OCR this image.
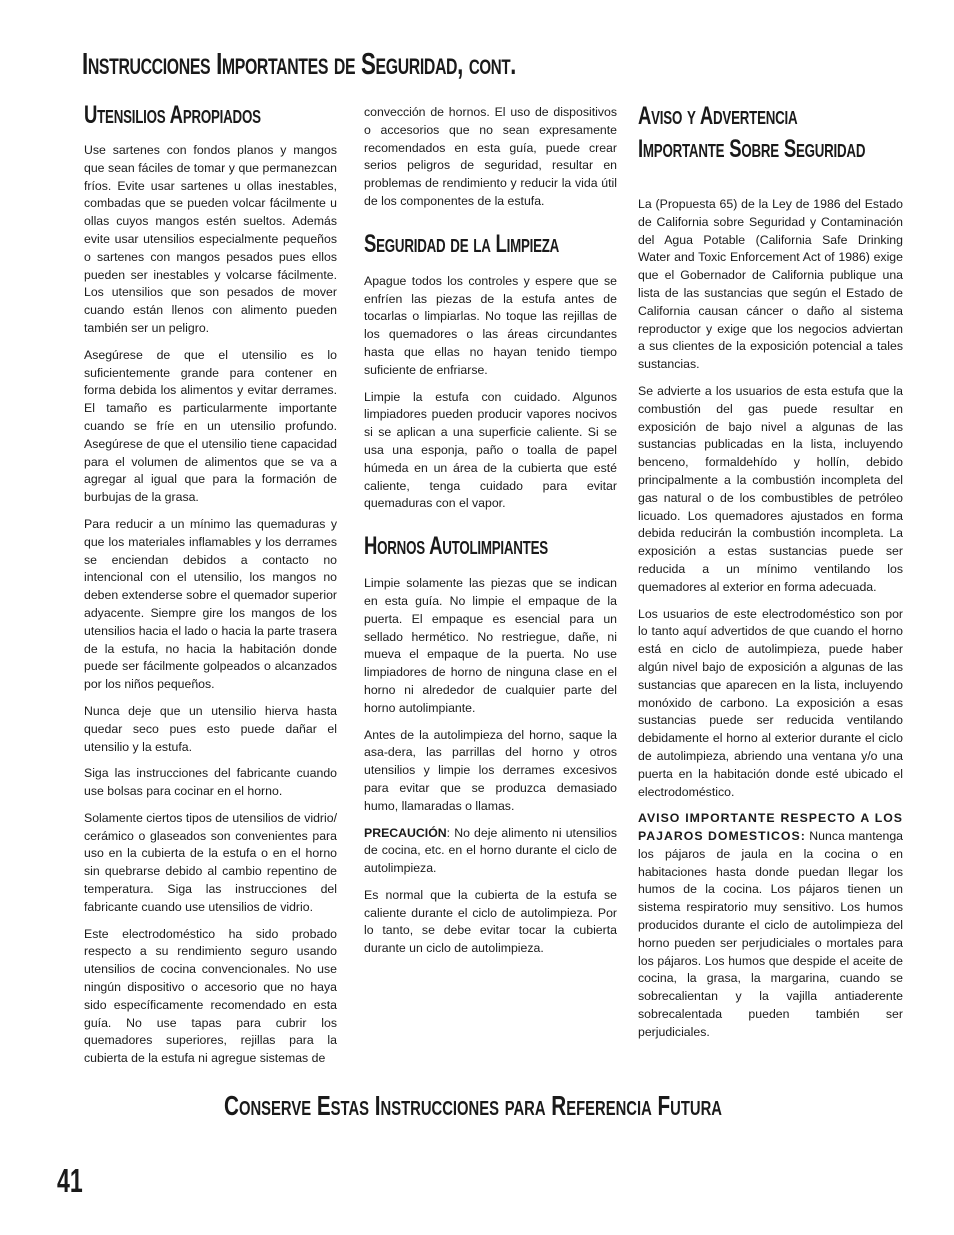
Instrucciones Importantes de Seguridad, cont.
Utensilios Apropiados

Use sartenes con fondos planos y mangos que sean fáciles de tomar y que permanezcan fríos. Evite usar sartenes u ollas inestables, combadas que se pueden volcar fácilmente u ollas cuyos mangos estén sueltos. Además evite usar utensilios especialmente pequeños o sartenes con mangos pesados pues ellos pueden ser inestables y volcarse fácilmente. Los utensilios que son pesados de mover cuando están llenos con alimento pueden también ser un peligro.

Asegúrese de que el utensilio es lo suficientemente grande para contener en forma debida los alimentos y evitar derrames. El tamaño es particularmente importante cuando se fríe en un utensilio profundo. Asegúrese de que el utensilio tiene capacidad para el volumen de alimentos que se va a agregar al igual que para la formación de burbujas de la grasa.

Para reducir a un mínimo las quemaduras y que los materiales inflamables y los derrames se enciendan debidos a contacto no intencional con el utensilio, los mangos no deben extenderse sobre el quemador superior adyacente. Siempre gire los mangos de los utensilios hacia el lado o hacia la parte trasera de la estufa, no hacia la habitación donde puede ser fácilmente golpeados o alcanzados por los niños pequeños.

Nunca deje que un utensilio hierva hasta quedar seco pues esto puede dañar el utensilio y la estufa.

Siga las instrucciones del fabricante cuando use bolsas para cocinar en el horno.

Solamente ciertos tipos de utensilios de vidrio/ cerámico o glaseados son convenientes para uso en la cubierta de la estufa o en el horno sin quebrarse debido al cambio repentino de temperatura. Siga las instrucciones del fabricante cuando use utensilios de vidrio.

Este electrodoméstico ha sido probado respecto a su rendimiento seguro usando utensilios de cocina convencionales. No use ningún dispositivo o accesorio que no haya sido específicamente recomendado en esta guía. No use tapas para cubrir los quemadores superiores, rejillas para la cubierta de la estufa ni agregue sistemas de

convección de hornos. El uso de dispositivos o accesorios que no sean expresamente recomendados en esta guía, puede crear serios peligros de seguridad, resultar en problemas de rendimiento y reducir la vida útil de los componentes de la estufa.

Seguridad de la Limpieza

Apague todos los controles y espere que se enfríen las piezas de la estufa antes de tocarlas o limpiarlas. No toque las rejillas de los quemadores o las áreas circundantes hasta que ellas no hayan tenido tiempo suficiente de enfriarse.

Limpie la estufa con cuidado. Algunos limpiadores pueden producir vapores nocivos si se aplican a una superficie caliente. Si se usa una esponja, paño o toalla de papel húmeda en un área de la cubierta que esté caliente, tenga cuidado para evitar quemaduras con el vapor.

Hornos Autolimpiantes

Limpie solamente las piezas que se indican en esta guía. No limpie el empaque de la puerta. El empaque es esencial para un sellado hermético. No restriegue, dañe, ni mueva el empaque de la puerta. No use limpiadores de horno de ninguna clase en el horno ni alrededor de cualquier parte del horno autolimpiante.

Antes de la autolimpieza del horno, saque la asa-dera, las parrillas del horno y otros utensilios y limpie los derrames excesivos para evitar que se produzca demasiado humo, llamaradas o llamas.

PRECAUCIÓN: No deje alimento ni utensilios de cocina, etc. en el horno durante el ciclo de autolimpieza.

Es normal que la cubierta de la estufa se caliente durante el ciclo de autolimpieza. Por lo tanto, se debe evitar tocar la cubierta durante un ciclo de autolimpieza.

Aviso y Advertencia
Importante Sobre Seguridad

La (Propuesta 65) de la Ley de 1986 del Estado de California sobre Seguridad y Contaminación del Agua Potable (California Safe Drinking Water and Toxic Enforcement Act of 1986) exige que el Gobernador de California publique una lista de las sustancias que según el Estado de California causan cáncer o daño al sistema reproductor y exige que los negocios adviertan a sus clientes de la exposición potencial a tales sustancias.

Se advierte a los usuarios de esta estufa que la combustión del gas puede resultar en exposición de bajo nivel a algunas de las sustancias publicadas en la lista, incluyendo benceno, formaldehído y hollín, debido principalmente a la combustión incompleta del gas natural o de los combustibles de petróleo licuado. Los quemadores ajustados en forma debida reducirán la combustión incompleta. La exposición a estas sustancias puede ser reducida a un mínimo ventilando los quemadores al exterior en forma adecuada.

Los usuarios de este electrodoméstico son por lo tanto aquí advertidos de que cuando el horno está en ciclo de autolimpieza, puede haber algún nivel bajo de exposición a algunas de las sustancias que aparecen en la lista, incluyendo monóxido de carbono. La exposición a esas sustancias puede ser reducida ventilando debidamente el horno al exterior durante el ciclo de autolimpieza, abriendo una ventana y/o una puerta en la habitación donde esté ubicado el electrodoméstico.

AVISO IMPORTANTE RESPECTO A LOS PAJAROS DOMESTICOS: Nunca mantenga los pájaros de jaula en la cocina o en habitaciones hasta donde puedan llegar los humos de la cocina. Los pájaros tienen un sistema respiratorio muy sensitivo. Los humos producidos durante el ciclo de autolimpieza del horno pueden ser perjudiciales o mortales para los pájaros. Los humos que despide el aceite de cocina, la grasa, la margarina, cuando se sobrecalientan y la vajilla antiaderente sobrecalentada pueden también ser perjudiciales.

Conserve Estas Instrucciones para Referencia Futura
41
